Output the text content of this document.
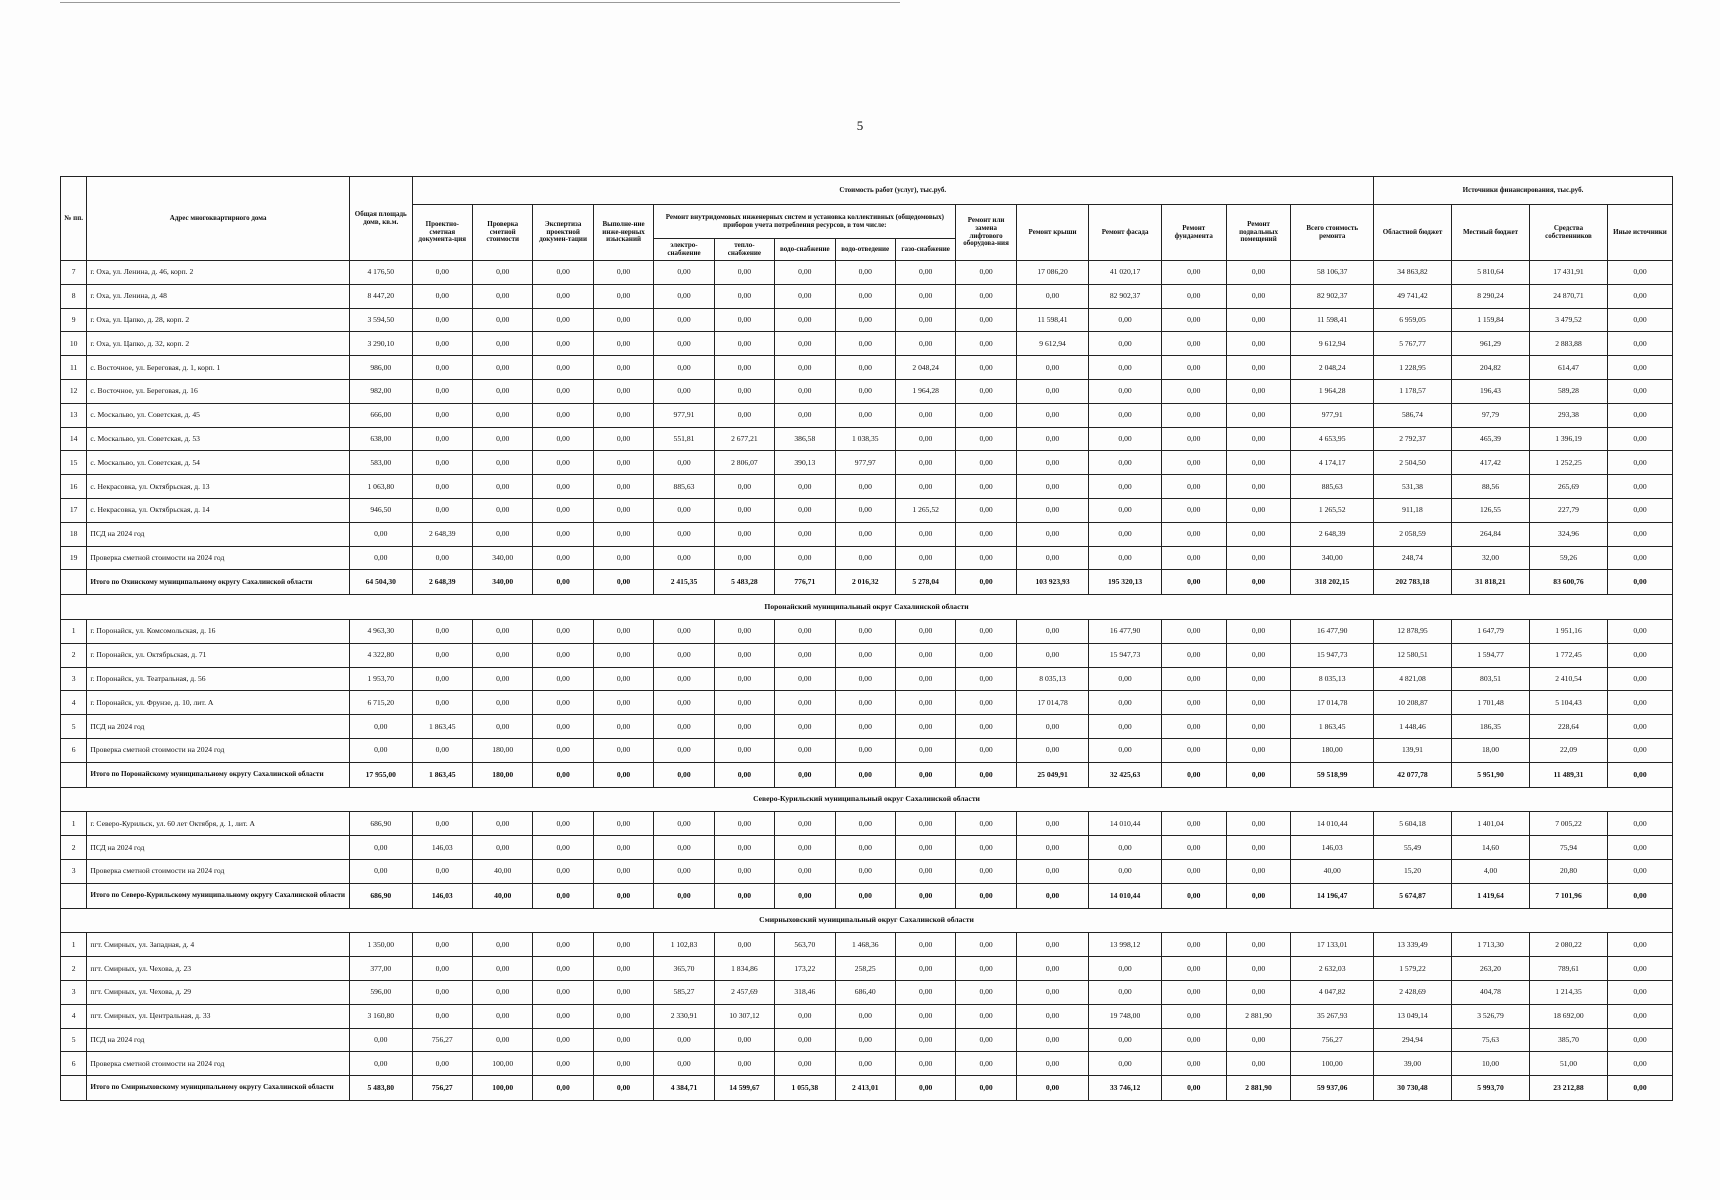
5
№ пп.	Адрес многоквартирного дома	Общая площадь домв, кв.м.	Стоимость работ (услуг), тыс.руб.															Источники финансирования, тыс.руб.			
			Проектно-сметная документа-ция	Проверка сметной стоимости	Экспертиза проектной докумен-тации	Выполне-ние инже-нерных изысканий	Ремонт внутридомовых инженерных систем и установка коллективных (общедомовых) приборов учета потребления ресурсов, в том числе:					Ремонт или замена лифтового оборудова-ния	Ремонт крыши	Ремонт фасада	Ремонт фундамента	Ремонт подвальных помещений	Всего стоимость ремонта	Областной бюджет	Местный бюджет	Средства собственников	Иные источники
							электро-снабжение	тепло-снабжение	водо-снабжение	водо-отведение	газо-снабжение										
7	г. Оха, ул. Ленина, д. 46, корп. 2	4 176,50	0,00	0,00	0,00	0,00	0,00	0,00	0,00	0,00	0,00	0,00	17 086,20	41 020,17	0,00	0,00	58 106,37	34 863,82	5 810,64	17 431,91	0,00
8	г. Оха, ул. Ленина, д. 48	8 447,20	0,00	0,00	0,00	0,00	0,00	0,00	0,00	0,00	0,00	0,00	0,00	82 902,37	0,00	0,00	82 902,37	49 741,42	8 290,24	24 870,71	0,00
9	г. Оха, ул. Цапко, д. 28, корп. 2	3 594,50	0,00	0,00	0,00	0,00	0,00	0,00	0,00	0,00	0,00	0,00	11 598,41	0,00	0,00	0,00	11 598,41	6 959,05	1 159,84	3 479,52	0,00
10	г. Оха, ул. Цапко, д. 32, корп. 2	3 290,10	0,00	0,00	0,00	0,00	0,00	0,00	0,00	0,00	0,00	0,00	9 612,94	0,00	0,00	0,00	9 612,94	5 767,77	961,29	2 883,88	0,00
11	с. Восточное, ул. Береговая, д. 1, корп. 1	986,00	0,00	0,00	0,00	0,00	0,00	0,00	0,00	0,00	2 048,24	0,00	0,00	0,00	0,00	0,00	2 048,24	1 228,95	204,82	614,47	0,00
12	с. Восточное, ул. Береговая, д. 16	982,00	0,00	0,00	0,00	0,00	0,00	0,00	0,00	0,00	1 964,28	0,00	0,00	0,00	0,00	0,00	1 964,28	1 178,57	196,43	589,28	0,00
13	с. Москальво, ул. Советская, д. 45	666,00	0,00	0,00	0,00	0,00	977,91	0,00	0,00	0,00	0,00	0,00	0,00	0,00	0,00	0,00	977,91	586,74	97,79	293,38	0,00
14	с. Москальво, ул. Советская, д. 53	638,00	0,00	0,00	0,00	0,00	551,81	2 677,21	386,58	1 038,35	0,00	0,00	0,00	0,00	0,00	0,00	4 653,95	2 792,37	465,39	1 396,19	0,00
15	с. Москальво, ул. Советская, д. 54	583,00	0,00	0,00	0,00	0,00	0,00	2 806,07	390,13	977,97	0,00	0,00	0,00	0,00	0,00	0,00	4 174,17	2 504,50	417,42	1 252,25	0,00
16	с. Некрасовка, ул. Октябрьская, д. 13	1 063,80	0,00	0,00	0,00	0,00	885,63	0,00	0,00	0,00	0,00	0,00	0,00	0,00	0,00	0,00	885,63	531,38	88,56	265,69	0,00
17	с. Некрасовка, ул. Октябрьская, д. 14	946,50	0,00	0,00	0,00	0,00	0,00	0,00	0,00	0,00	1 265,52	0,00	0,00	0,00	0,00	0,00	1 265,52	911,18	126,55	227,79	0,00
18	ПСД на 2024 год	0,00	2 648,39	0,00	0,00	0,00	0,00	0,00	0,00	0,00	0,00	0,00	0,00	0,00	0,00	0,00	2 648,39	2 058,59	264,84	324,96	0,00
19	Проверка сметной стоимости на 2024 год	0,00	0,00	340,00	0,00	0,00	0,00	0,00	0,00	0,00	0,00	0,00	0,00	0,00	0,00	0,00	340,00	248,74	32,00	59,26	0,00
	Итого по Охинскому муниципальному округу Сахалинской области	64 504,30	2 648,39	340,00	0,00	0,00	2 415,35	5 483,28	776,71	2 016,32	5 278,04	0,00	103 923,93	195 320,13	0,00	0,00	318 202,15	202 783,18	31 818,21	83 600,76	0,00
Поронайский муниципальный округ Сахалинской области																					
1	г. Поронайск, ул. Комсомольская, д. 16	4 963,30	0,00	0,00	0,00	0,00	0,00	0,00	0,00	0,00	0,00	0,00	0,00	16 477,90	0,00	0,00	16 477,90	12 878,95	1 647,79	1 951,16	0,00
2	г. Поронайск, ул. Октябрьская, д. 71	4 322,80	0,00	0,00	0,00	0,00	0,00	0,00	0,00	0,00	0,00	0,00	0,00	15 947,73	0,00	0,00	15 947,73	12 580,51	1 594,77	1 772,45	0,00
3	г. Поронайск, ул. Театральная, д. 56	1 953,70	0,00	0,00	0,00	0,00	0,00	0,00	0,00	0,00	0,00	0,00	8 035,13	0,00	0,00	0,00	8 035,13	4 821,08	803,51	2 410,54	0,00
4	г. Поронайск, ул. Фрунзе, д. 10, лит. А	6 715,20	0,00	0,00	0,00	0,00	0,00	0,00	0,00	0,00	0,00	0,00	17 014,78	0,00	0,00	0,00	17 014,78	10 208,87	1 701,48	5 104,43	0,00
5	ПСД на 2024 год	0,00	1 863,45	0,00	0,00	0,00	0,00	0,00	0,00	0,00	0,00	0,00	0,00	0,00	0,00	0,00	1 863,45	1 448,46	186,35	228,64	0,00
6	Проверка сметной стоимости на 2024 год	0,00	0,00	180,00	0,00	0,00	0,00	0,00	0,00	0,00	0,00	0,00	0,00	0,00	0,00	0,00	180,00	139,91	18,00	22,09	0,00
	Итого по Поронайскому муниципальному округу Сахалинской области	17 955,00	1 863,45	180,00	0,00	0,00	0,00	0,00	0,00	0,00	0,00	0,00	25 049,91	32 425,63	0,00	0,00	59 518,99	42 077,78	5 951,90	11 489,31	0,00
Северо-Курильский муниципальный округ Сахалинской области																					
1	г. Северо-Курильск, ул. 60 лет Октября, д. 1, лит. А	686,90	0,00	0,00	0,00	0,00	0,00	0,00	0,00	0,00	0,00	0,00	0,00	14 010,44	0,00	0,00	14 010,44	5 604,18	1 401,04	7 005,22	0,00
2	ПСД на 2024 год	0,00	146,03	0,00	0,00	0,00	0,00	0,00	0,00	0,00	0,00	0,00	0,00	0,00	0,00	0,00	146,03	55,49	14,60	75,94	0,00
3	Проверка сметной стоимости на 2024 год	0,00	0,00	40,00	0,00	0,00	0,00	0,00	0,00	0,00	0,00	0,00	0,00	0,00	0,00	0,00	40,00	15,20	4,00	20,80	0,00
	Итого по Северо-Курильскому муниципальному округу Сахалинской области	686,90	146,03	40,00	0,00	0,00	0,00	0,00	0,00	0,00	0,00	0,00	0,00	14 010,44	0,00	0,00	14 196,47	5 674,87	1 419,64	7 101,96	0,00
Смирныховский муниципальный округ Сахалинской области																					
1	пгт. Смирных, ул. Западная, д. 4	1 350,00	0,00	0,00	0,00	0,00	1 102,83	0,00	563,70	1 468,36	0,00	0,00	0,00	13 998,12	0,00	0,00	17 133,01	13 339,49	1 713,30	2 080,22	0,00
2	пгт. Смирных, ул. Чехова, д. 23	377,00	0,00	0,00	0,00	0,00	365,70	1 834,86	173,22	258,25	0,00	0,00	0,00	0,00	0,00	0,00	2 632,03	1 579,22	263,20	789,61	0,00
3	пгт. Смирных, ул. Чехова, д. 29	596,00	0,00	0,00	0,00	0,00	585,27	2 457,69	318,46	686,40	0,00	0,00	0,00	0,00	0,00	0,00	4 047,82	2 428,69	404,78	1 214,35	0,00
4	пгт. Смирных, ул. Центральная, д. 33	3 160,80	0,00	0,00	0,00	0,00	2 330,91	10 307,12	0,00	0,00	0,00	0,00	0,00	19 748,00	0,00	2 881,90	35 267,93	13 049,14	3 526,79	18 692,00	0,00
5	ПСД на 2024 год	0,00	756,27	0,00	0,00	0,00	0,00	0,00	0,00	0,00	0,00	0,00	0,00	0,00	0,00	0,00	756,27	294,94	75,63	385,70	0,00
6	Проверка сметной стоимости на 2024 год	0,00	0,00	100,00	0,00	0,00	0,00	0,00	0,00	0,00	0,00	0,00	0,00	0,00	0,00	0,00	100,00	39,00	10,00	51,00	0,00
	Итого по Смирныховскому муниципальному округу Сахалинской области	5 483,80	756,27	100,00	0,00	0,00	4 384,71	14 599,67	1 055,38	2 413,01	0,00	0,00	0,00	33 746,12	0,00	2 881,90	59 937,06	30 730,48	5 993,70	23 212,88	0,00
